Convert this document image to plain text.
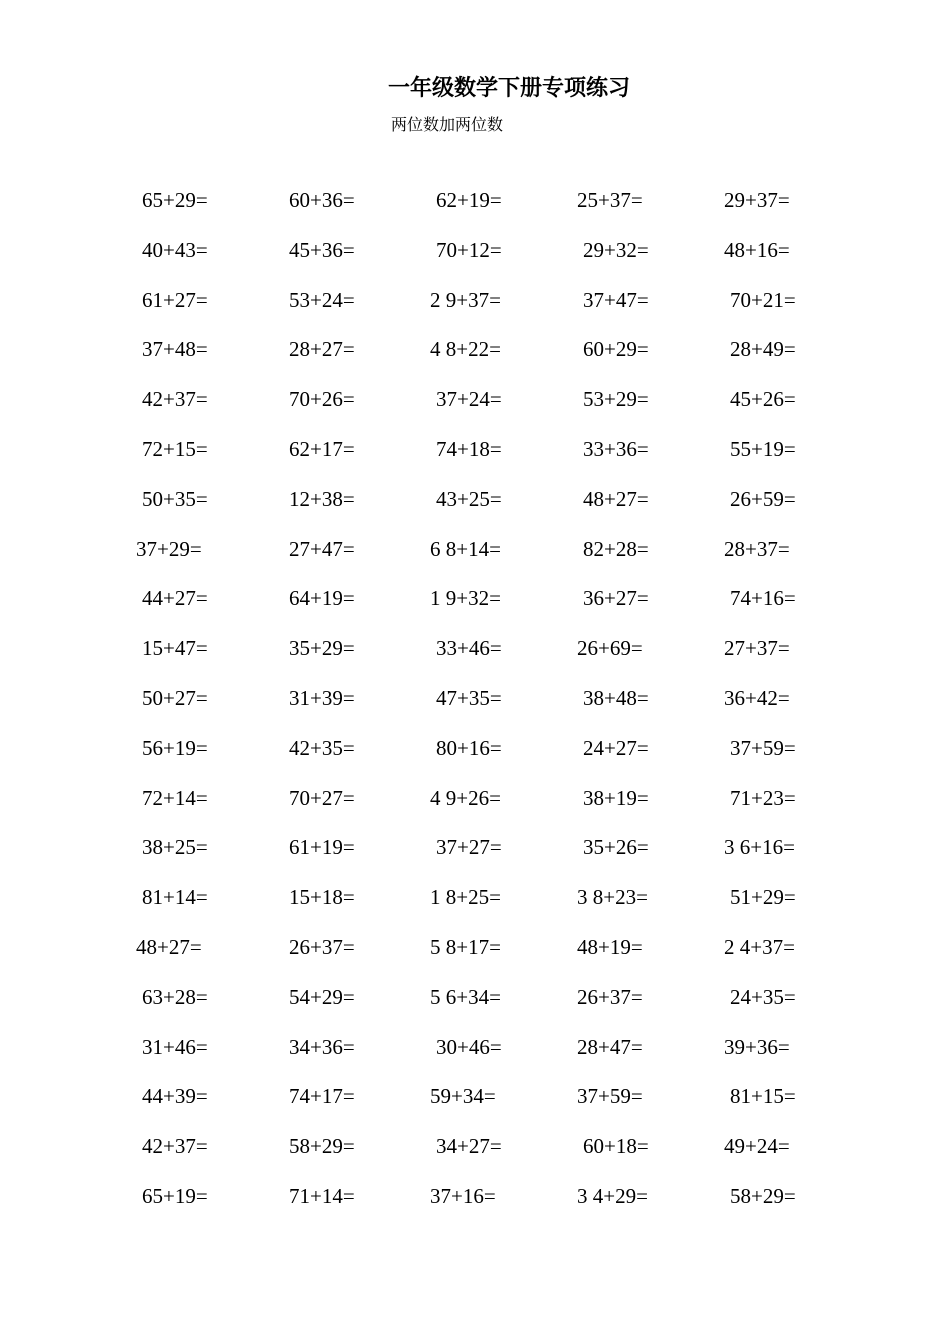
一年级数学下册专项练习
两位数加两位数
65+29=	60+36=	62+19=	25+37=	29+37=
40+43=	45+36=	70+12=	29+32=	48+16=
61+27=	53+24=	2 9+37=	37+47=	70+21=
37+48=	28+27=	4 8+22=	60+29=	28+49=
42+37=	70+26=	37+24=	53+29=	45+26=
72+15=	62+17=	74+18=	33+36=	55+19=
50+35=	12+38=	43+25=	48+27=	26+59=
37+29=	27+47=	6 8+14=	82+28=	28+37=
44+27=	64+19=	1 9+32=	36+27=	74+16=
15+47=	35+29=	33+46=	26+69=	27+37=
50+27=	31+39=	47+35=	38+48=	36+42=
56+19=	42+35=	80+16=	24+27=	37+59=
72+14=	70+27=	4 9+26=	38+19=	71+23=
38+25=	61+19=	37+27=	35+26=	3 6+16=
81+14=	15+18=	1 8+25=	3 8+23=	51+29=
48+27=	26+37=	5 8+17=	48+19=	2 4+37=
63+28=	54+29=	5 6+34=	26+37=	24+35=
31+46=	34+36=	30+46=	28+47=	39+36=
44+39=	74+17=	59+34=	37+59=	81+15=
42+37=	58+29=	34+27=	60+18=	49+24=
65+19=	71+14=	37+16=	3 4+29=	58+29=
